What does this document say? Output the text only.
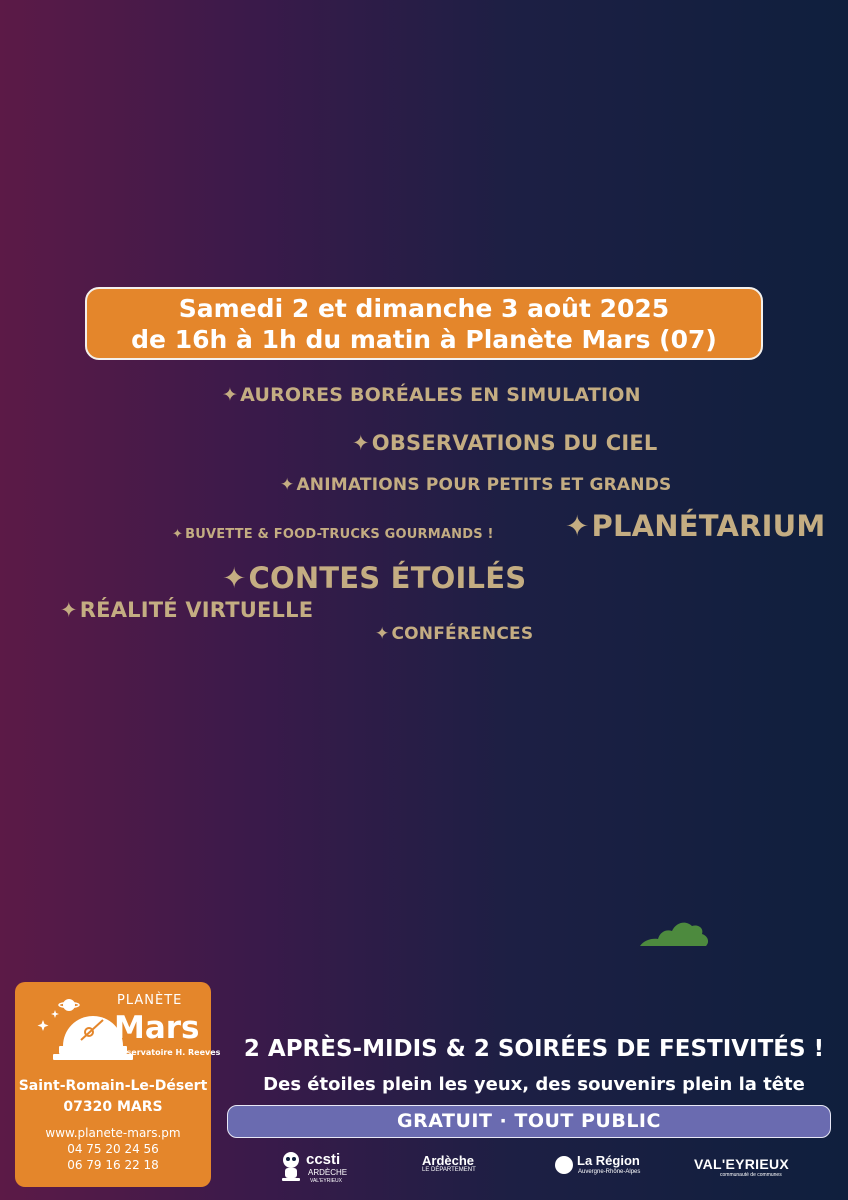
Samedi 2 et dimanche 3 août 2025
de 16h à 1h du matin à Planète Mars (07)
✦ AURORES BORÉALES EN SIMULATION
✦OBSERVATIONS DU CIEL
✦ ANIMATIONS POUR PETITS ET GRANDS
✦ BUVETTE & FOOD-TRUCKS GOURMANDS ! ✦PLANÉTARIUM
✦CONTES ÉTOILÉS
✦RÉALITÉ VIRTUELLE
✦ CONFÉRENCES
PLANÈTE
Mars
Observatoire H. Reeves
Saint-Romain-Le-Désert
07320 MARS
www.planete-mars.pm
04 75 20 24 56
06 79 16 22 18
2 APRÈS-MIDIS & 2 SOIRÉES DE FESTIVITÉS !
Des étoiles plein les yeux, des souvenirs plein la tête
GRATUIT · TOUT PUBLIC
ccsti
ARDÈCHE
VAL'EYRIEUX
Ardèche
LE DÉPARTEMENT
La Région
Auvergne-Rhône-Alpes	VAL'EYRIEUX
communauté de communes
